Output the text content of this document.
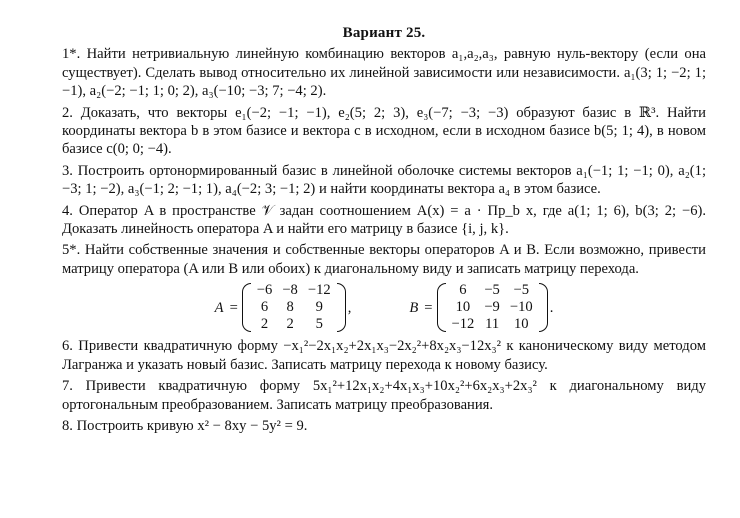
Вариант 25.

1*. Найти нетривиальную линейную комбинацию векторов a₁,a₂,a₃, равную нуль-вектору (если она существует). Сделать вывод относительно их линейной зависимости или независимости. a₁(3; 1; −2; 1; −1), a₂(−2; −1; 1; 0; 2), a₃(−10; −3; 7; −4; 2).

2. Доказать, что векторы e₁(−2; −1; −1), e₂(5; 2; 3), e₃(−7; −3; −3) образуют базис в ℝ³. Найти координаты вектора b в этом базисе и вектора c в исходном, если в исходном базисе b(5; 1; 4), в новом базисе c(0; 0; −4).

3. Построить ортонормированный базис в линейной оболочке системы векторов a₁(−1; 1; −1; 0), a₂(1; −3; 1; −2), a₃(−1; 2; −1; 1), a₄(−2; 3; −1; 2) и найти координаты вектора a₄ в этом базисе.

4. Оператор A в пространстве 𝒱 задан соотношением A(x) = a · Пр_b x, где a(1; 1; 6), b(3; 2; −6). Доказать линейность оператора A и найти его матрицу в базисе {i, j, k}.

5*. Найти собственные значения и собственные векторы операторов A и B. Если возможно, привести матрицу оператора (A или B или обоих) к диагональному виду и записать матрицу перехода.

A =
−6	−8	−12
6	8	9
2	2	5
,	B =
6	−5	−5
10	−9	−10
−12	11	10
.

6. Привести квадратичную форму −x₁²−2x₁x₂+2x₁x₃−2x₂²+8x₂x₃−12x₃² к каноническому виду методом Лагранжа и указать новый базис. Записать матрицу перехода к новому базису.

7. Привести квадратичную форму 5x₁²+12x₁x₂+4x₁x₃+10x₂²+6x₂x₃+2x₃² к диагональному виду ортогональным преобразованием. Записать матрицу преобразования.

8. Построить кривую x² − 8xy − 5y² = 9.
